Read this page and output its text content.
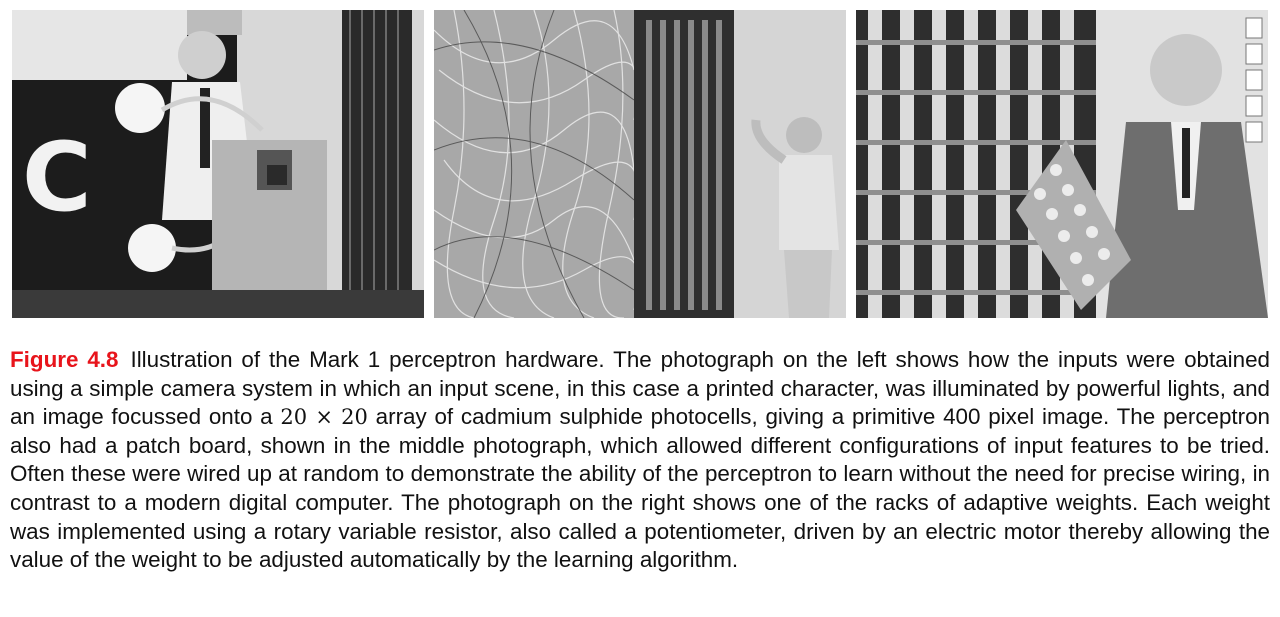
C
Figure 4.8 Illustration of the Mark 1 perceptron hardware. The photograph on the left shows how the inputs were obtained using a simple camera system in which an input scene, in this case a printed character, was illuminated by powerful lights, and an image focussed onto a 20 × 20 array of cadmium sulphide photocells, giving a primitive 400 pixel image. The perceptron also had a patch board, shown in the middle photograph, which allowed different configurations of input features to be tried. Often these were wired up at random to demonstrate the ability of the perceptron to learn without the need for precise wiring, in contrast to a modern digital computer. The photograph on the right shows one of the racks of adaptive weights. Each weight was implemented using a rotary variable resistor, also called a potentiometer, driven by an electric motor thereby allowing the value of the weight to be adjusted automatically by the learning algorithm.
